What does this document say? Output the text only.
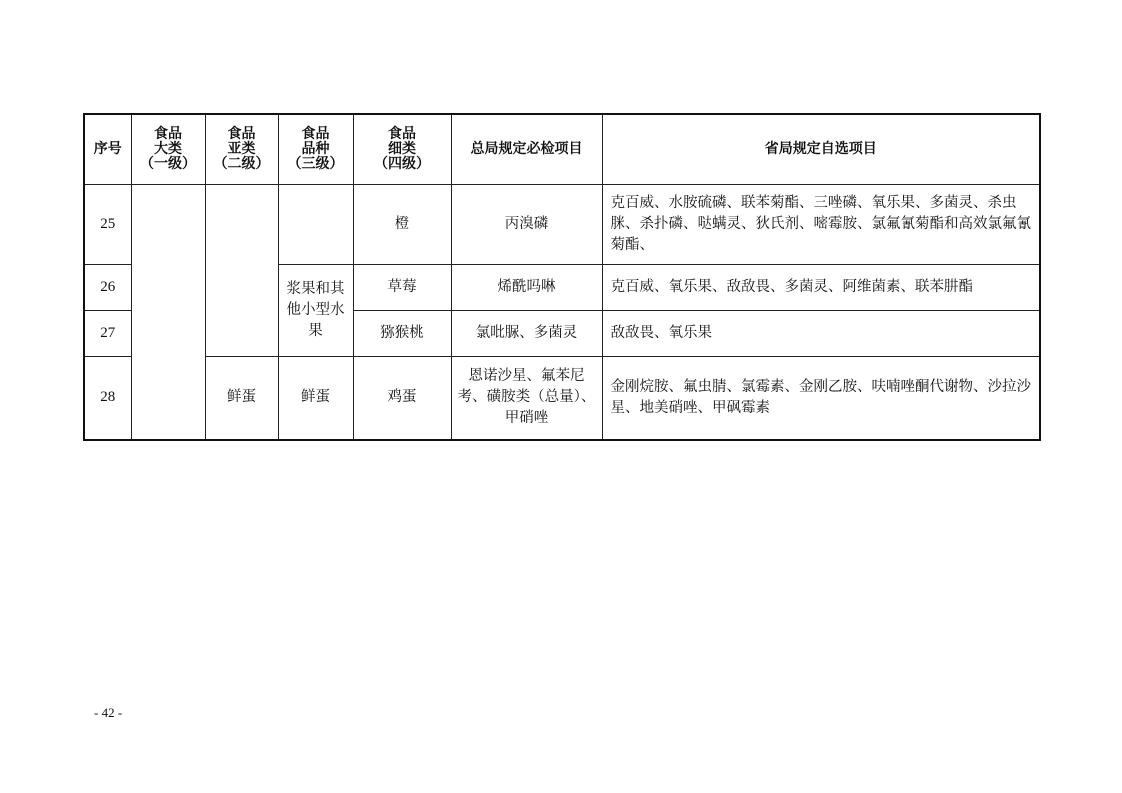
序号	食品
大类
（一级）	食品
亚类
（二级）	食品
品种
（三级）	食品
细类
（四级）	总局规定必检项目	省局规定自选项目
25				橙	丙溴磷	克百威、水胺硫磷、联苯菊酯、三唑磷、氧乐果、多菌灵、杀虫脒、杀扑磷、哒螨灵、狄氏剂、嘧霉胺、氯氟氰菊酯和高效氯氟氰菊酯、
26			浆果和其他小型水果	草莓	烯酰吗啉	克百威、氧乐果、敌敌畏、多菌灵、阿维菌素、联苯肼酯
27				猕猴桃	氯吡脲、多菌灵	敌敌畏、氧乐果
28		鲜蛋	鲜蛋	鸡蛋	恩诺沙星、氟苯尼考、磺胺类（总量）、甲硝唑	金刚烷胺、氟虫腈、氯霉素、金刚乙胺、呋喃唑酮代谢物、沙拉沙星、地美硝唑、甲砜霉素
- 42 -
